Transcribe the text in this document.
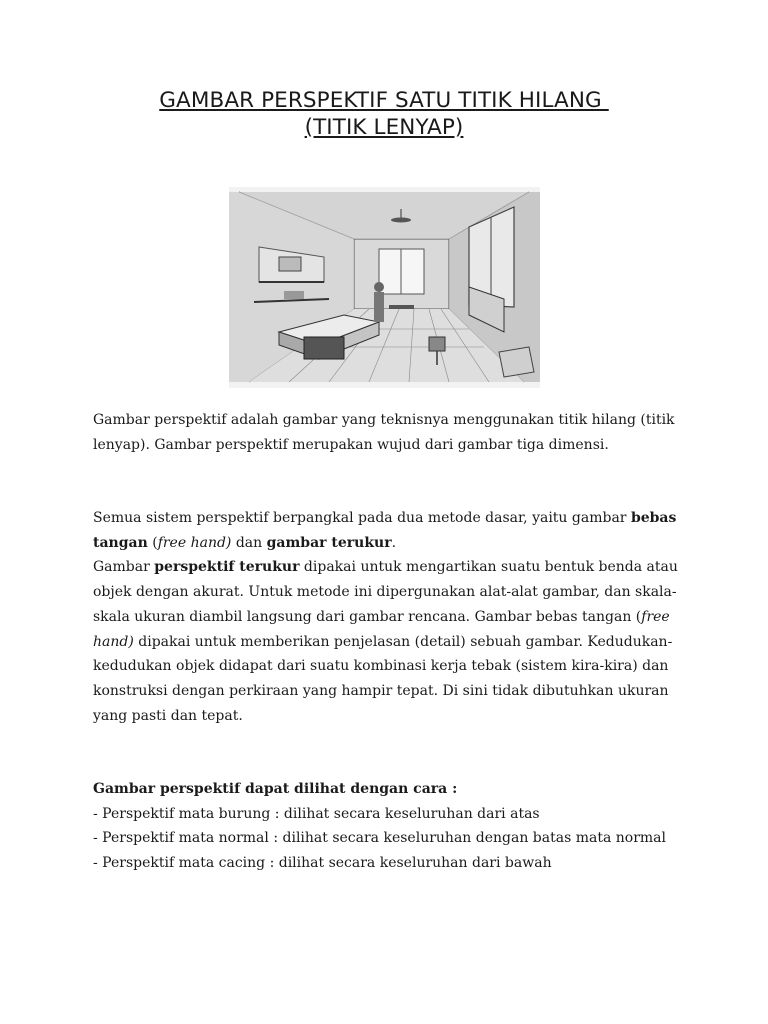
GAMBAR PERSPEKTIF SATU TITIK HILANG
(TITIK LENYAP)
Gambar perspektif adalah gambar yang teknisnya menggunakan titik hilang (titik
lenyap). Gambar perspektif merupakan wujud dari gambar tiga dimensi.
Semua sistem perspektif berpangkal pada dua metode dasar, yaitu gambar bebas
tangan (free hand) dan gambar terukur.
Gambar perspektif terukur dipakai untuk mengartikan suatu bentuk benda atau
objek dengan akurat. Untuk metode ini dipergunakan alat-alat gambar, dan skala-
skala ukuran diambil langsung dari gambar rencana. Gambar bebas tangan (free
hand) dipakai untuk memberikan penjelasan (detail) sebuah gambar. Kedudukan-
kedudukan objek didapat dari suatu kombinasi kerja tebak (sistem kira-kira) dan
konstruksi dengan perkiraan yang hampir tepat. Di sini tidak dibutuhkan ukuran
yang pasti dan tepat.
Gambar perspektif dapat dilihat dengan cara :
- Perspektif mata burung : dilihat secara keseluruhan dari atas
- Perspektif mata normal : dilihat secara keseluruhan dengan batas mata normal
- Perspektif mata cacing : dilihat secara keseluruhan dari bawah
